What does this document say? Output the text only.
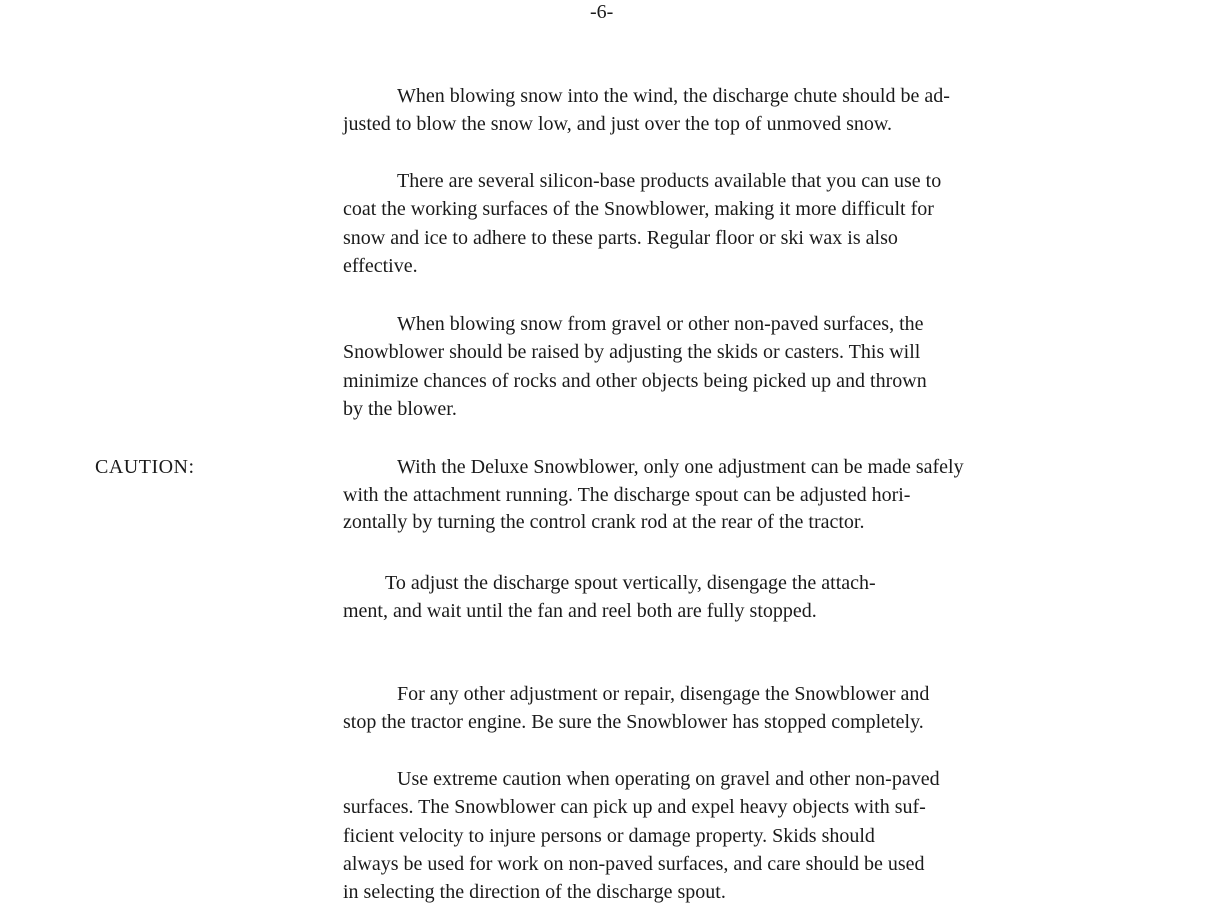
-6-
CAUTION:
When blowing snow into the wind, the discharge chute should be ad-
justed to blow the snow low, and just over the top of unmoved snow.
There are several silicon-base products available that you can use to
coat the working surfaces of the Snowblower, making it more difficult for
snow and ice to adhere to these parts. Regular floor or ski wax is also
effective.
When blowing snow from gravel or other non-paved surfaces, the
Snowblower should be raised by adjusting the skids or casters. This will
minimize chances of rocks and other objects being picked up and thrown
by the blower.
With the Deluxe Snowblower, only one adjustment can be made safely
with the attachment running. The discharge spout can be adjusted hori-
zontally by turning the control crank rod at the rear of the tractor.
To adjust the discharge spout vertically, disengage the attach-
ment, and wait until the fan and reel both are fully stopped.
For any other adjustment or repair, disengage the Snowblower and
stop the tractor engine. Be sure the Snowblower has stopped completely.
Use extreme caution when operating on gravel and other non-paved
surfaces. The Snowblower can pick up and expel heavy objects with suf-
ficient velocity to injure persons or damage property. Skids should
always be used for work on non-paved surfaces, and care should be used
in selecting the direction of the discharge spout.
